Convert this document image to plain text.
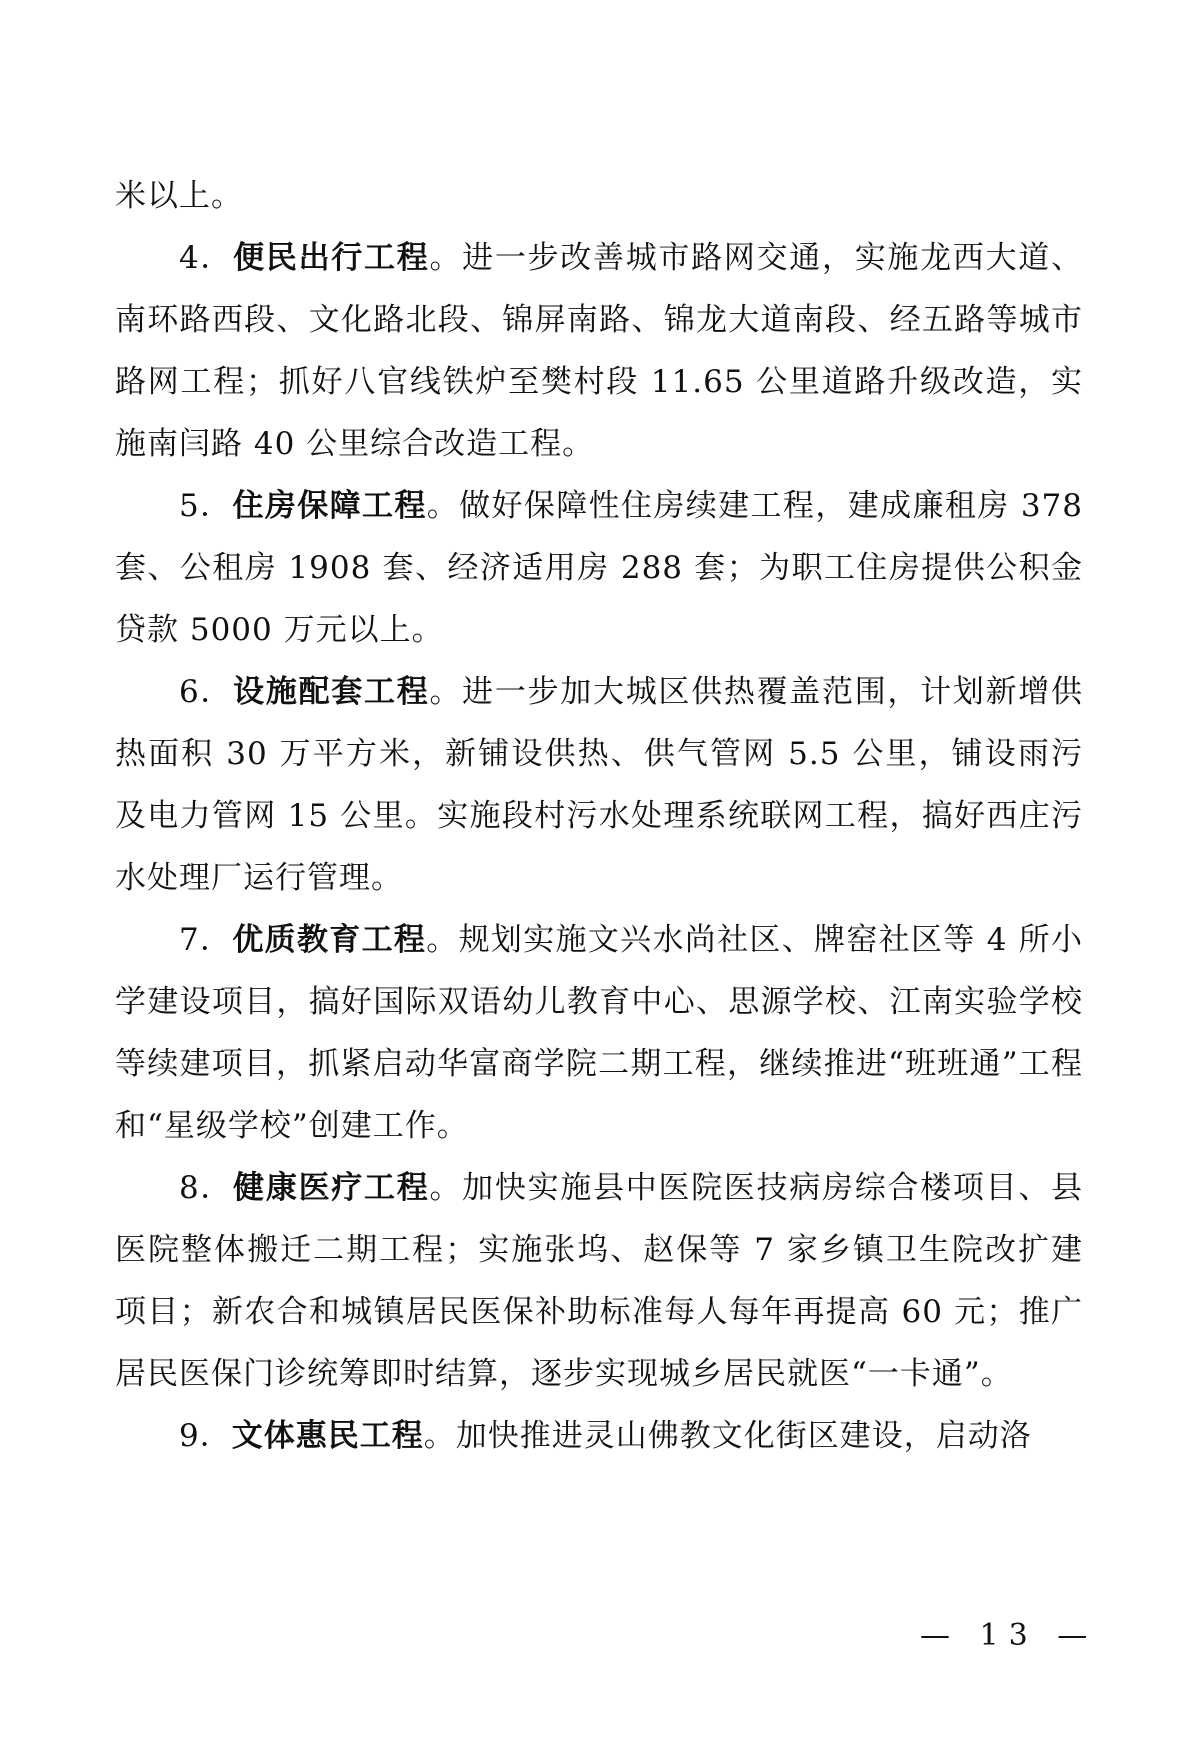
米以上。

4．便民出行工程。进一步改善城市路网交通，实施龙西大道、南环路西段、文化路北段、锦屏南路、锦龙大道南段、经五路等城市路网工程；抓好八官线铁炉至樊村段 11.65 公里道路升级改造，实施南闫路 40 公里综合改造工程。

5．住房保障工程。做好保障性住房续建工程，建成廉租房 378 套、公租房 1908 套、经济适用房 288 套；为职工住房提供公积金贷款 5000 万元以上。

6．设施配套工程。进一步加大城区供热覆盖范围，计划新增供热面积 30 万平方米，新铺设供热、供气管网 5.5 公里，铺设雨污及电力管网 15 公里。实施段村污水处理系统联网工程，搞好西庄污水处理厂运行管理。

7．优质教育工程。规划实施文兴水尚社区、牌窑社区等 4 所小学建设项目，搞好国际双语幼儿教育中心、思源学校、江南实验学校等续建项目，抓紧启动华富商学院二期工程，继续推进“班班通”工程和“星级学校”创建工作。

8．健康医疗工程。加快实施县中医院医技病房综合楼项目、县医院整体搬迁二期工程；实施张坞、赵保等 7 家乡镇卫生院改扩建项目；新农合和城镇居民医保补助标准每人每年再提高 60 元；推广居民医保门诊统筹即时结算，逐步实现城乡居民就医“一卡通”。

9．文体惠民工程。加快推进灵山佛教文化街区建设，启动洛

— 13 —
